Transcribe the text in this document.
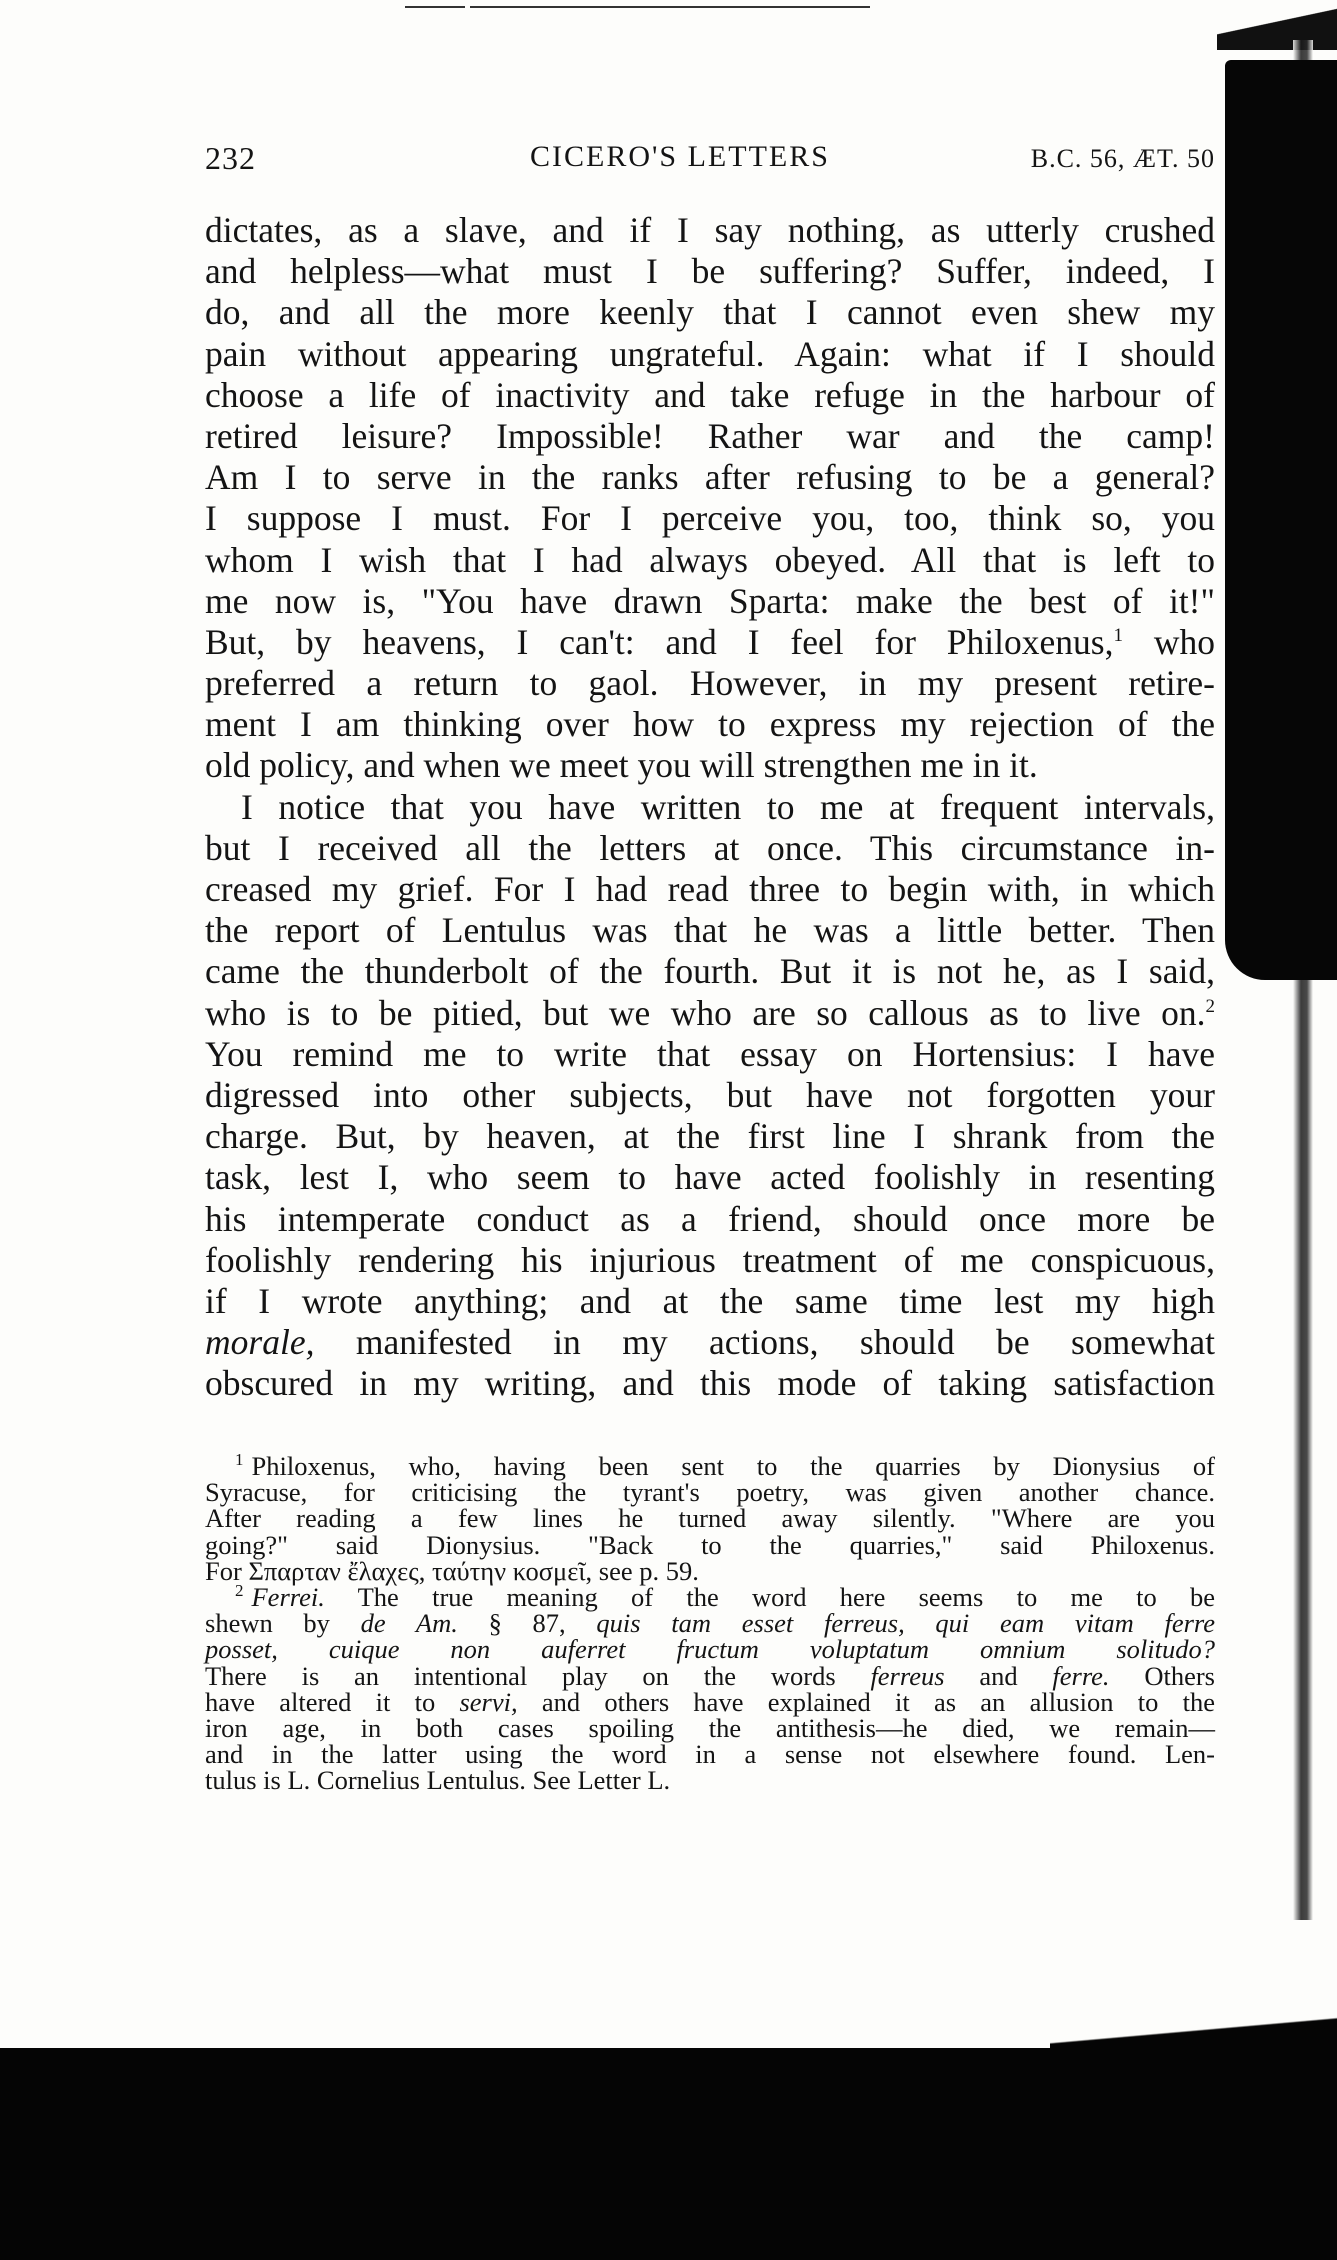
232	CICERO'S LETTERS	B.C. 56, ÆT. 50
dictates, as a slave, and if I say nothing, as utterly crushed
and helpless—what must I be suffering? Suffer, indeed, I
do, and all the more keenly that I cannot even shew my
pain without appearing ungrateful. Again: what if I should
choose a life of inactivity and take refuge in the harbour of
retired leisure? Impossible! Rather war and the camp!
Am I to serve in the ranks after refusing to be a general?
I suppose I must. For I perceive you, too, think so, you
whom I wish that I had always obeyed. All that is left to
me now is, "You have drawn Sparta: make the best of it!"
But, by heavens, I can't: and I feel for Philoxenus,$^1$ who
preferred a return to gaol. However, in my present retire-
ment I am thinking over how to express my rejection of the
old policy, and when we meet you will strengthen me in it.
I notice that you have written to me at frequent intervals,
but I received all the letters at once. This circumstance in-
creased my grief. For I had read three to begin with, in which
the report of Lentulus was that he was a little better. Then
came the thunderbolt of the fourth. But it is not he, as I said,
who is to be pitied, but we who are so callous as to live on.$^2$
You remind me to write that essay on Hortensius: I have
digressed into other subjects, but have not forgotten your
charge. But, by heaven, at the first line I shrank from the
task, lest I, who seem to have acted foolishly in resenting
his intemperate conduct as a friend, should once more be
foolishly rendering his injurious treatment of me conspicuous,
if I wrote anything; and at the same time lest my high
morale, manifested in my actions, should be somewhat
obscured in my writing, and this mode of taking satisfaction
$^1$ Philoxenus, who, having been sent to the quarries by Dionysius of
Syracuse, for criticising the tyrant's poetry, was given another chance.
After reading a few lines he turned away silently. "Where are you
going?" said Dionysius. "Back to the quarries," said Philoxenus.
For Σπαρταν ἔλαχες, ταύτην κοσμεῖ, see p. 59.
$^2$ Ferrei. The true meaning of the word here seems to me to be
shewn by de Am. § 87, quis tam esset ferreus, qui eam vitam ferre
posset, cuique non auferret fructum voluptatum omnium solitudo?
There is an intentional play on the words ferreus and ferre. Others
have altered it to servi, and others have explained it as an allusion to the
iron age, in both cases spoiling the antithesis—he died, we remain—
and in the latter using the word in a sense not elsewhere found. Len-
tulus is L. Cornelius Lentulus. See Letter L.
